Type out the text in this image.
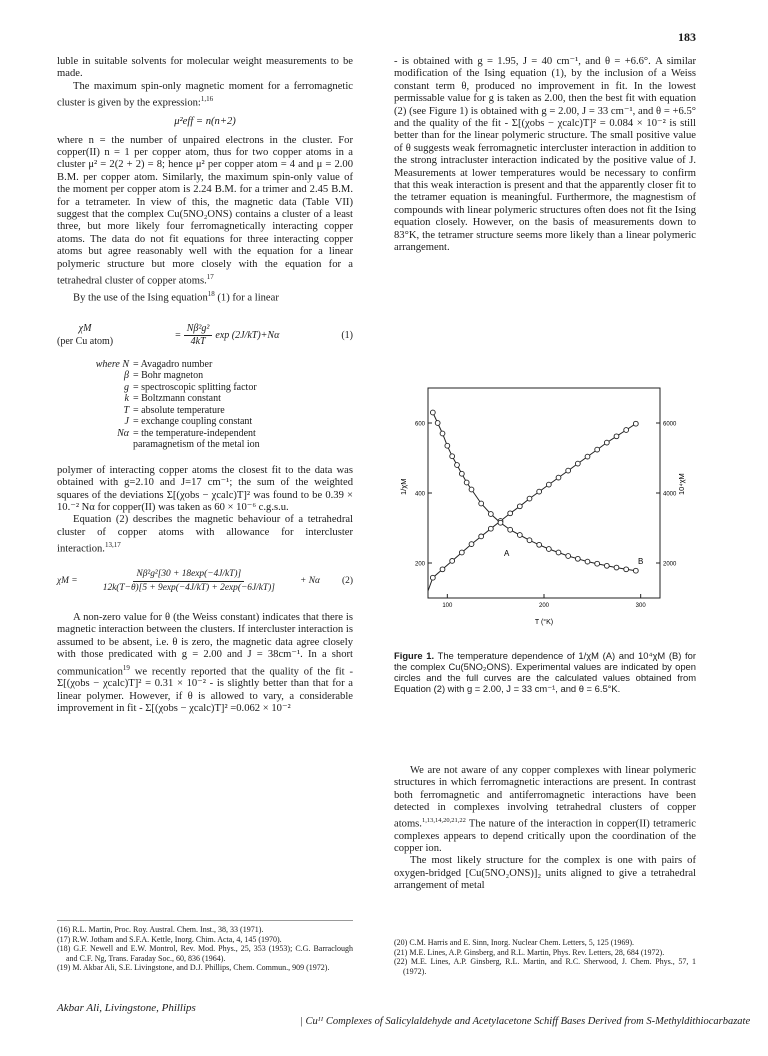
183

luble in suitable solvents for molecular weight measurements to be made.

The maximum spin-only magnetic moment for a ferromagnetic cluster is given by the expression:$^{1,16}$

μ²eff = n(n+2)

where n = the number of unpaired electrons in the cluster. For copper(II) n = 1 per copper atom, thus for two copper atoms in a cluster μ² = 2(2 + 2) = 8; hence μ² per copper atom = 4 and μ = 2.00 B.M. per copper atom. Similarly, the maximum spin-only value of the moment per copper atom is 2.24 B.M. for a trimer and 2.45 B.M. for a tetrameter. In view of this, the magnetic data (Table VII) suggest that the complex Cu(5NO₂ONS) contains a cluster of a least three, but more likely four ferromagnetically interacting copper atoms. The data do not fit equations for three interacting copper atoms but agree reasonably well with the equation for a linear polymeric structure but more closely with the equation for a tetrahedral cluster of copper atoms.$^{17}$

By the use of the Ising equation$^{18}$ (1) for a linear

χM
(per Cu atom)
= $\frac{\text{Nβ²g²}}{4kT}$ exp (2J/kT)+Nα	(1)
where N = Avagadro number
β = Bohr magneton
g = spectroscopic splitting factor
k = Boltzmann constant
T = absolute temperature
J = exchange coupling constant
Nα = the temperature-independent
paramagnetism of the metal ion

polymer of interacting copper atoms the closest fit to the data was obtained with g=2.10 and J=17 cm⁻¹; the sum of the weighted squares of the deviations Σ[(χobs − χcalc)T]² was found to be 0.39 × 10.⁻² Nα for copper(II) was taken as 60 × 10⁻⁶ c.g.s.u.

Equation (2) describes the magnetic behaviour of a tetrahedral cluster of copper atoms with allowance for intercluster interaction.$^{13,17}$

χM =	$\frac{\text{Nβ²g²[30 + 18exp(−4J/kT)]}}{12k(T-\theta)[5 + 9\exp(-4J/kT) + 2\exp(-6J/kT)]}$	+ Nα (2)

A non-zero value for θ (the Weiss constant) indicates that there is magnetic interaction between the clusters. If intercluster interaction is assumed to be absent, i.e. θ is zero, the magnetic data agree closely with those predicated with g = 2.00 and J = 38cm⁻¹. In a short communication$^{19}$ we recently reported that the quality of the fit - Σ[(χobs − χcalc)T]² = 0.31 × 10⁻² - is slightly better than that for a linear polymer. However, if θ is allowed to vary, a considerable improvement in fit - Σ[(χobs − χcalc)T]² =0.062 × 10⁻²

(16) R.L. Martin, Proc. Roy. Austral. Chem. Inst., 38, 33 (1971).

(17) R.W. Jotham and S.F.A. Kettle, Inorg. Chim. Acta, 4, 145 (1970).

(18) G.F. Newell and E.W. Montrol, Rev. Mod. Phys., 25, 353 (1953); C.G. Barraclough and C.F. Ng, Trans. Faraday Soc., 60, 836 (1964).

(19) M. Akbar Ali, S.E. Livingstone, and D.J. Phillips, Chem. Commun., 909 (1972).

- is obtained with g = 1.95, J = 40 cm⁻¹, and θ = +6.6°. A similar modification of the Ising equation (1), by the inclusion of a Weiss constant term θ, produced no improvement in fit. In the lowest permissable value for g is taken as 2.00, then the best fit with equation (2) (see Figure 1) is obtained with g = 2.00, J = 33 cm⁻¹, and θ = +6.5° and the quality of the fit - Σ[(χobs − χcalc)T]² = 0.084 × 10⁻² is still better than for the linear polymeric structure. The small positive value of θ suggests weak ferromagnetic intercluster interaction in addition to the strong intracluster interaction indicated by the positive value of J. Measurements at lower temperatures would be necessary to confirm that this weak interaction is present and that the apparently closer fit to the tetramer equation is meaningful. Furthermore, the magnestism of compounds with linear polymeric structures often does not fit the Ising equation closely. However, on the basis of measurements down to 83°K, the tetramer structure seems more likely than a linear polymeric arrangement.

600
400
200
6000
4000
2000
100	200	300
A
B
1/χM	10⁴χM
T (°K)
Figure 1. The temperature dependence of 1/χM (A) and 10⁴χM (B) for the complex Cu(5NO₂ONS). Experimental values are indicated by open circles and the full curves are the calculated values obtained from Equation (2) with g = 2.00, J = 33 cm⁻¹, and θ = 6.5°K.

We are not aware of any copper complexes with linear polymeric structures in which ferromagnetic interactions are present. In contrast both ferromagnetic and antiferromagnetic interactions have been detected in complexes involving tetrahedral clusters of copper atoms.$^{1,13,14,20,21,22}$ The nature of the interaction in copper(II) tetrameric complexes appears to depend critically upon the coordination of the copper ion.

The most likely structure for the complex is one with pairs of oxygen-bridged [Cu(5NO₂ONS)]₂ units aligned to give a tetrahedral arrangement of metal

(20) C.M. Harris and E. Sinn, Inorg. Nuclear Chem. Letters, 5, 125 (1969).

(21) M.E. Lines, A.P. Ginsberg, and R.L. Martin, Phys. Rev. Letters, 28, 684 (1972).

(22) M.E. Lines, A.P. Ginsberg, R.L. Martin, and R.C. Sherwood, J. Chem. Phys., 57, 1 (1972).

Akbar Ali, Livingstone, Phillips
| Cuᴵᴵ Complexes of Salicylaldehyde and Acetylacetone Schiff Bases Derived from S-Methyldithiocarbazate
